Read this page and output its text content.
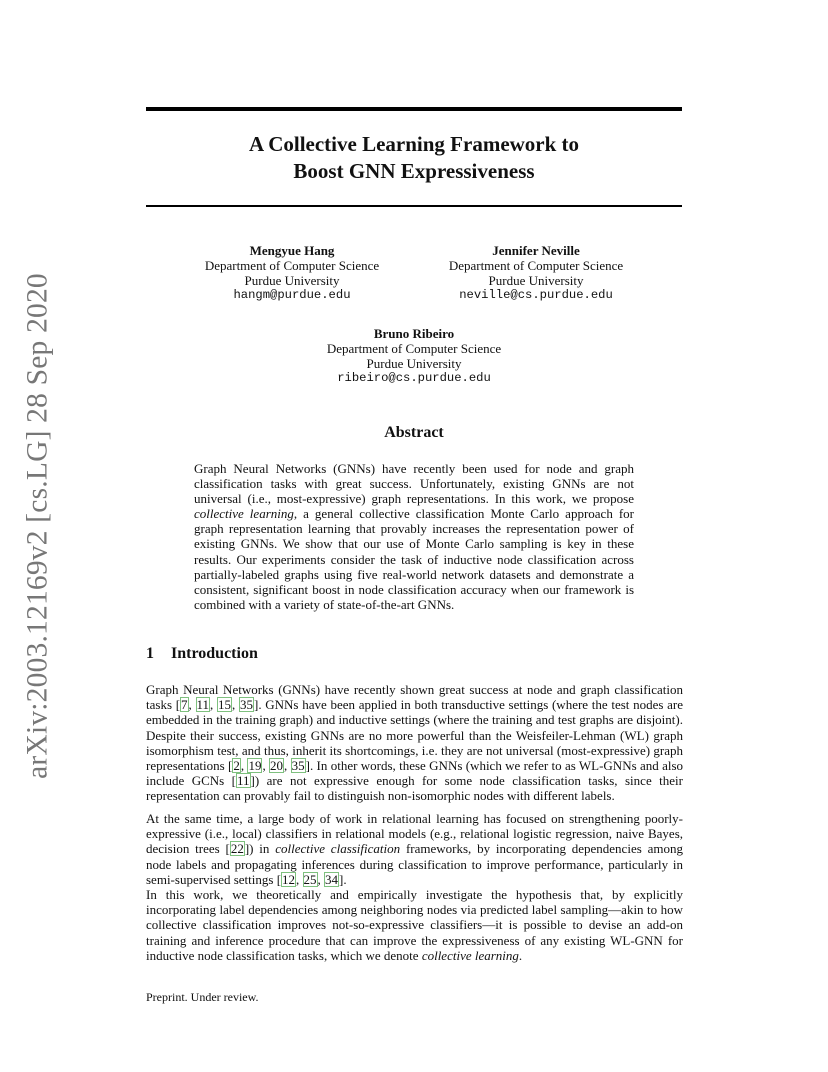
arXiv:2003.12169v2 [cs.LG] 28 Sep 2020
A Collective Learning Framework to
Boost GNN Expressiveness
Mengyue Hang
Department of Computer Science
Purdue University
hangm@purdue.edu
Jennifer Neville
Department of Computer Science
Purdue University
neville@cs.purdue.edu
Bruno Ribeiro
Department of Computer Science
Purdue University
ribeiro@cs.purdue.edu
Abstract
Graph Neural Networks (GNNs) have recently been used for node and graph classification tasks with great success. Unfortunately, existing GNNs are not universal (i.e., most-expressive) graph representations. In this work, we propose collective learning, a general collective classification Monte Carlo approach for graph representation learning that provably increases the representation power of existing GNNs. We show that our use of Monte Carlo sampling is key in these results. Our experiments consider the task of inductive node classification across partially-labeled graphs using five real-world network datasets and demonstrate a consistent, significant boost in node classification accuracy when our framework is combined with a variety of state-of-the-art GNNs.
1 Introduction

Graph Neural Networks (GNNs) have recently shown great success at node and graph classification tasks [7, 11, 15, 35]. GNNs have been applied in both transductive settings (where the test nodes are embedded in the training graph) and inductive settings (where the training and test graphs are disjoint). Despite their success, existing GNNs are no more powerful than the Weisfeiler-Lehman (WL) graph isomorphism test, and thus, inherit its shortcomings, i.e. they are not universal (most-expressive) graph representations [2, 19, 20, 35]. In other words, these GNNs (which we refer to as WL-GNNs and also include GCNs [11]) are not expressive enough for some node classification tasks, since their representation can provably fail to distinguish non-isomorphic nodes with different labels.

At the same time, a large body of work in relational learning has focused on strengthening poorly-expressive (i.e., local) classifiers in relational models (e.g., relational logistic regression, naive Bayes, decision trees [22]) in collective classification frameworks, by incorporating dependencies among node labels and propagating inferences during classification to improve performance, particularly in semi-supervised settings [12, 25, 34].

In this work, we theoretically and empirically investigate the hypothesis that, by explicitly incorporating label dependencies among neighboring nodes via predicted label sampling—akin to how collective classification improves not-so-expressive classifiers—it is possible to devise an add-on training and inference procedure that can improve the expressiveness of any existing WL-GNN for inductive node classification tasks, which we denote collective learning.

Preprint. Under review.
